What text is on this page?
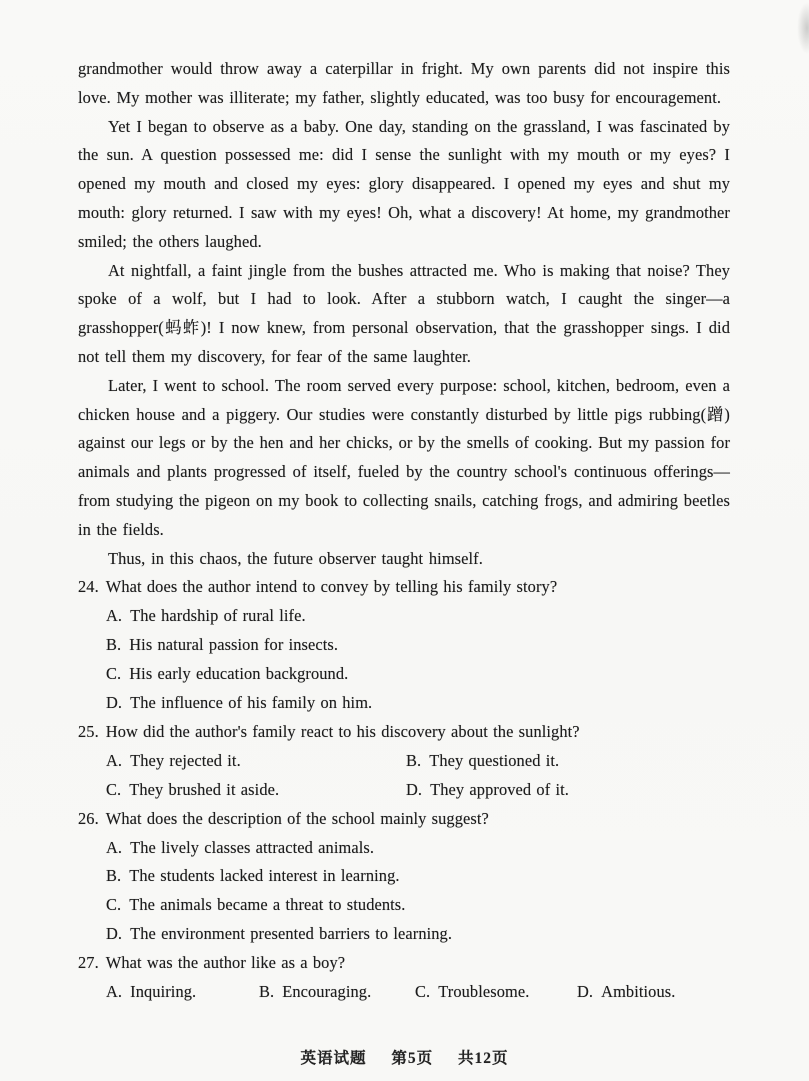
grandmother would throw away a caterpillar in fright. My own parents did not inspire this love. My mother was illiterate; my father, slightly educated, was too busy for encouragement.

Yet I began to observe as a baby. One day, standing on the grassland, I was fascinated by the sun. A question possessed me: did I sense the sunlight with my mouth or my eyes? I opened my mouth and closed my eyes: glory disappeared. I opened my eyes and shut my mouth: glory returned. I saw with my eyes! Oh, what a discovery! At home, my grandmother smiled; the others laughed.

At nightfall, a faint jingle from the bushes attracted me. Who is making that noise? They spoke of a wolf, but I had to look. After a stubborn watch, I caught the singer—a grasshopper(蚂蚱)! I now knew, from personal observation, that the grasshopper sings. I did not tell them my discovery, for fear of the same laughter.

Later, I went to school. The room served every purpose: school, kitchen, bedroom, even a chicken house and a piggery. Our studies were constantly disturbed by little pigs rubbing(蹭) against our legs or by the hen and her chicks, or by the smells of cooking. But my passion for animals and plants progressed of itself, fueled by the country school's continuous offerings—from studying the pigeon on my book to collecting snails, catching frogs, and admiring beetles in the fields.

Thus, in this chaos, the future observer taught himself.

24. What does the author intend to convey by telling his family story?
A. The hardship of rural life.
B. His natural passion for insects.
C. His early education background.
D. The influence of his family on him.
25. How did the author's family react to his discovery about the sunlight?
A. They rejected it.	B. They questioned it.
C. They brushed it aside.	D. They approved of it.
26. What does the description of the school mainly suggest?
A. The lively classes attracted animals.
B. The students lacked interest in learning.
C. The animals became a threat to students.
D. The environment presented barriers to learning.
27. What was the author like as a boy?
A. Inquiring.	B. Encouraging.	C. Troublesome.	D. Ambitious.
英语试题 第5页 共12页
